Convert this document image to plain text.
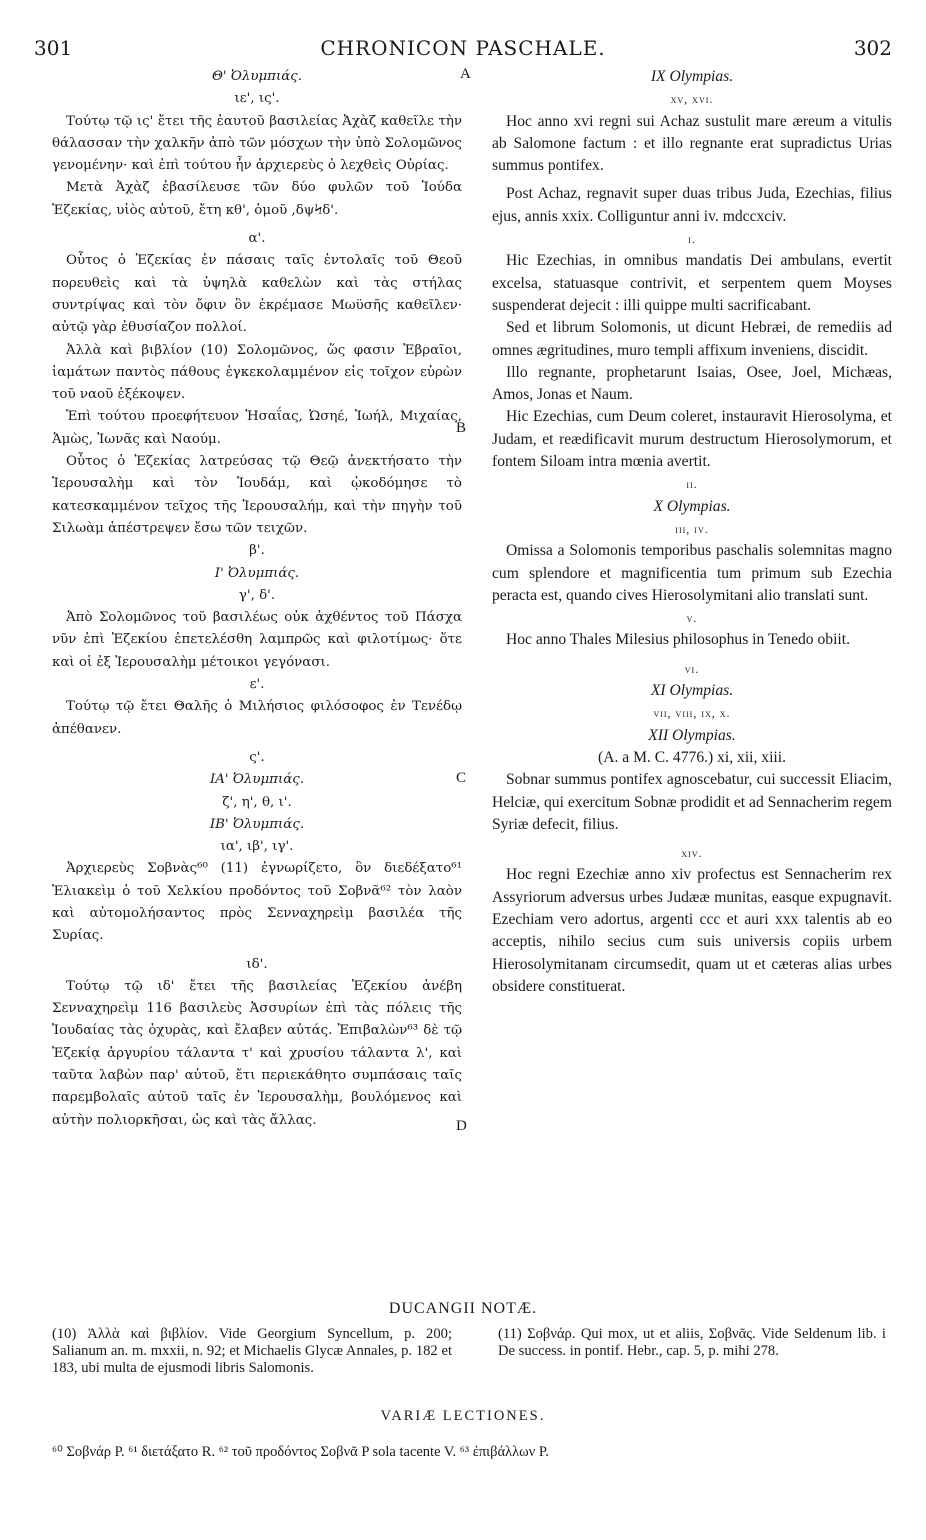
301	CHRONICON PASCHALE.	302

Θ' Ὀλυμπιάς.

ιε', ις'.

Τούτῳ τῷ ις' ἔτει τῆς ἑαυτοῦ βασιλείας Ἀχὰζ καθεῖλε τὴν θάλασσαν τὴν χαλκῆν ἀπὸ τῶν μόσχων τὴν ὑπὸ Σολομῶνος γενομένην· καὶ ἐπὶ τούτου ἦν ἀρχιερεὺς ὁ λεχθεὶς Οὐρίας.

Μετὰ Ἀχὰζ ἐβασίλευσε τῶν δύο φυλῶν τοῦ Ἰούδα Ἐζεκίας, υἱὸς αὐτοῦ, ἔτη κθ', ὁμοῦ ,δψϞδ'.

α'.

Οὗτος ὁ Ἐζεκίας ἐν πάσαις ταῖς ἐντολαῖς τοῦ Θεοῦ πορευθεὶς καὶ τὰ ὑψηλὰ καθελὼν καὶ τὰς στήλας συντρίψας καὶ τὸν ὄφιν ὃν ἐκρέμασε Μωϋσῆς καθεῖλεν· αὐτῷ γὰρ ἐθυσίαζον πολλοί.

Ἀλλὰ καὶ βιβλίον (10) Σολομῶνος, ὥς φασιν Ἑβραῖοι, ἰαμάτων παντὸς πάθους ἐγκεκολαμμένον εἰς τοῖχον εὑρὼν τοῦ ναοῦ ἐξέκοψεν.

Ἐπὶ τούτου προεφήτευον Ἡσαΐας, Ὠσηέ, Ἰωήλ, Μιχαίας, Ἀμὼς, Ἰωνᾶς καὶ Ναούμ.

Οὗτος ὁ Ἐζεκίας λατρεύσας τῷ Θεῷ ἀνεκτήσατο τὴν Ἱερουσαλὴμ καὶ τὸν Ἰουδάμ, καὶ ᾠκοδόμησε τὸ κατεσκαμμένον τεῖχος τῆς Ἱερουσαλήμ, καὶ τὴν πηγὴν τοῦ Σιλωὰμ ἀπέστρεψεν ἔσω τῶν τειχῶν.

β'.

Ι' Ὀλυμπιάς.

γ', δ'.

Ἀπὸ Σολομῶνος τοῦ βασιλέως οὐκ ἀχθέντος τοῦ Πάσχα νῦν ἐπὶ Ἐζεκίου ἐπετελέσθη λαμπρῶς καὶ φιλοτίμως· ὅτε καὶ οἱ ἐξ Ἱερουσαλὴμ μέτοικοι γεγόνασι.

ε'.

Τούτῳ τῷ ἔτει Θαλῆς ὁ Μιλήσιος φιλόσοφος ἐν Τενέδῳ ἀπέθανεν.

ς'.

ΙΑ' Ὀλυμπιάς.

ζ', η', θ, ι'.

ΙΒ' Ὀλυμπιάς.

ια', ιβ', ιγ'.

Ἀρχιερεὺς Σοβνὰς⁶⁰ (11) ἐγνωρίζετο, ὃν διεδέξατο⁶¹ Ἐλιακεὶμ ὁ τοῦ Χελκίου προδόντος τοῦ Σοβνᾶ⁶² τὸν λαὸν καὶ αὐτομολήσαντος πρὸς Σενναχηρεὶμ βασιλέα τῆς Συρίας.

ιδ'.

Τούτῳ τῷ ιδ' ἔτει τῆς βασιλείας Ἐζεκίου ἀνέβη Σενναχηρεὶμ 116 βασιλεὺς Ἀσσυρίων ἐπὶ τὰς πόλεις τῆς Ἰουδαίας τὰς ὀχυρὰς, καὶ ἔλαβεν αὐτάς. Ἐπιβαλὼν⁶³ δὲ τῷ Ἐζεκίᾳ ἀργυρίου τάλαντα τ' καὶ χρυσίου τάλαντα λ', καὶ ταῦτα λαβὼν παρ' αὐτοῦ, ἔτι περιεκάθητο συμπάσαις ταῖς παρεμβολαῖς αὐτοῦ ταῖς ἐν Ἱερουσαλὴμ, βουλόμενος καὶ αὐτὴν πολιορκῆσαι, ὡς καὶ τὰς ἄλλας.

IX Olympias.

xv, xvi.

Hoc anno xvi regni sui Achaz sustulit mare æreum a vitulis ab Salomone factum : et illo regnante erat supradictus Urias summus pontifex.

Post Achaz, regnavit super duas tribus Juda, Ezechias, filius ejus, annis xxix. Colliguntur anni iv. mdccxciv.

i.

Hic Ezechias, in omnibus mandatis Dei ambulans, evertit excelsa, statuasque contrivit, et serpentem quem Moyses suspenderat dejecit : illi quippe multi sacrificabant.

Sed et librum Solomonis, ut dicunt Hebræi, de remediis ad omnes ægritudines, muro templi affixum inveniens, discidit.

Illo regnante, prophetarunt Isaias, Osee, Joel, Michæas, Amos, Jonas et Naum.

Hic Ezechias, cum Deum coleret, instauravit Hierosolyma, et Judam, et reædificavit murum destructum Hierosolymorum, et fontem Siloam intra mœnia avertit.

ii.

X Olympias.

iii, iv.

Omissa a Solomonis temporibus paschalis solemnitas magno cum splendore et magnificentia tum primum sub Ezechia peracta est, quando cives Hierosolymitani alio translati sunt.

v.

Hoc anno Thales Milesius philosophus in Tenedo obiit.

vi.

XI Olympias.

vii, viii, ix, x.

XII Olympias.

(A. a M. C. 4776.) xi, xii, xiii.

Sobnar summus pontifex agnoscebatur, cui successit Eliacim, Helciæ, qui exercitum Sobnæ prodidit et ad Sennacherim regem Syriæ defecit, filius.

xiv.

Hoc regni Ezechiæ anno xiv profectus est Sennacherim rex Assyriorum adversus urbes Judææ munitas, easque expugnavit. Ezechiam vero adortus, argenti ccc et auri xxx talentis ab eo acceptis, nihilo secius cum suis universis copiis urbem Hierosolymitanam circumsedit, quam ut et cæteras alias urbes obsidere constituerat.

A
B
C
D
DUCANGII NOTÆ.
(10) Ἀλλὰ καὶ βιβλίον. Vide Georgium Syncellum, p. 200; Salianum an. m. mxxii, n. 92; et Michaelis Glycæ Annales, p. 182 et 183, ubi multa de ejusmodi libris Salomonis.
(11) Σοβνάρ. Qui mox, ut et aliis, Σοβνᾶς. Vide Seldenum lib. i De success. in pontif. Hebr., cap. 5, p. mihi 278.
VARIÆ LECTIONES.
⁶⁰ Σοβνάρ P. ⁶¹ διετάξατο R. ⁶² τοῦ προδόντος Σοβνᾶ P sola tacente V. ⁶³ ἐπιβάλλων P.
